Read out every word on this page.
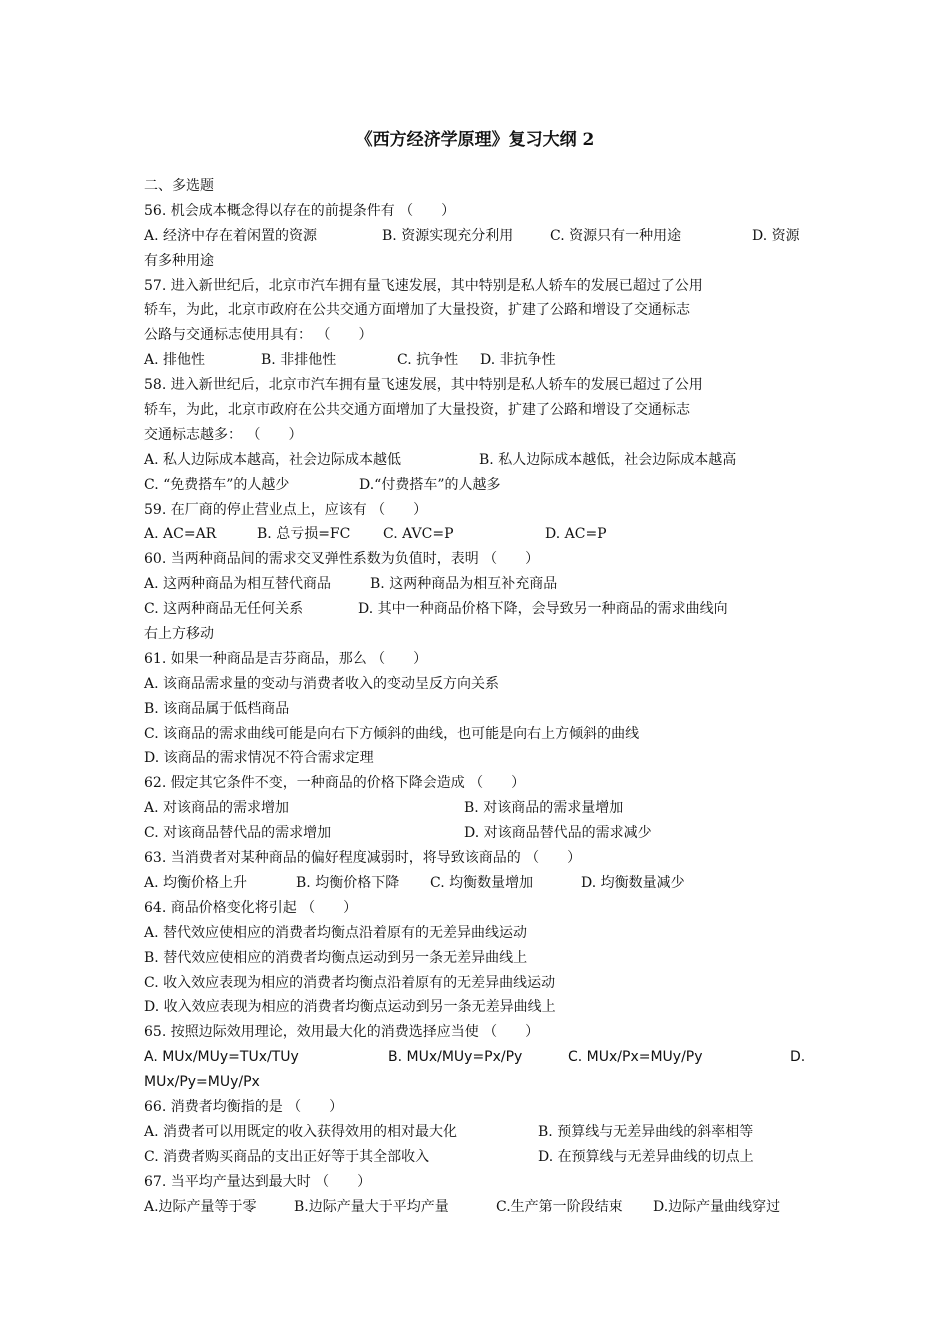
《西方经济学原理》复习大纲 2
二、多选题
56. 机会成本概念得以存在的前提条件有 （　　）
A. 经济中存在着闲置的资源	B. 资源实现充分利用	C. 资源只有一种用途	D. 资源
有多种用途
57. 进入新世纪后，北京市汽车拥有量飞速发展，其中特别是私人轿车的发展已超过了公用
轿车，为此，北京市政府在公共交通方面增加了大量投资，扩建了公路和增设了交通标志
公路与交通标志使用具有： （　　）
A. 排他性	B. 非排他性	C. 抗争性	D. 非抗争性
58. 进入新世纪后，北京市汽车拥有量飞速发展，其中特别是私人轿车的发展已超过了公用
轿车，为此，北京市政府在公共交通方面增加了大量投资，扩建了公路和增设了交通标志
交通标志越多： （　　）
A. 私人边际成本越高，社会边际成本越低	B. 私人边际成本越低，社会边际成本越高
C. “免费搭车”的人越少	D.“付费搭车”的人越多
59. 在厂商的停止营业点上，应该有 （　　）
A. AC=AR	B. 总亏损=FC	C. AVC=P	D. AC=P
60. 当两种商品间的需求交叉弹性系数为负值时，表明 （　　）
A. 这两种商品为相互替代商品	B. 这两种商品为相互补充商品
C. 这两种商品无任何关系	D. 其中一种商品价格下降，会导致另一种商品的需求曲线向
右上方移动
61. 如果一种商品是吉芬商品，那么 （　　）
A. 该商品需求量的变动与消费者收入的变动呈反方向关系
B. 该商品属于低档商品
C. 该商品的需求曲线可能是向右下方倾斜的曲线，也可能是向右上方倾斜的曲线
D. 该商品的需求情况不符合需求定理
62. 假定其它条件不变，一种商品的价格下降会造成 （　　）
A. 对该商品的需求增加	B. 对该商品的需求量增加
C. 对该商品替代品的需求增加	D. 对该商品替代品的需求减少
63. 当消费者对某种商品的偏好程度减弱时，将导致该商品的 （　　）
A. 均衡价格上升	B. 均衡价格下降	C. 均衡数量增加	D. 均衡数量减少
64. 商品价格变化将引起 （　　）
A. 替代效应使相应的消费者均衡点沿着原有的无差异曲线运动
B. 替代效应使相应的消费者均衡点运动到另一条无差异曲线上
C. 收入效应表现为相应的消费者均衡点沿着原有的无差异曲线运动
D. 收入效应表现为相应的消费者均衡点运动到另一条无差异曲线上
65. 按照边际效用理论，效用最大化的消费选择应当使 （　　）
A. MUx/MUy=TUx/TUy	B. MUx/MUy=Px/Py	C. MUx/Px=MUy/Py	D.
MUx/Py=MUy/Px
66. 消费者均衡指的是 （　　）
A. 消费者可以用既定的收入获得效用的相对最大化	B. 预算线与无差异曲线的斜率相等
C. 消费者购买商品的支出正好等于其全部收入	D. 在预算线与无差异曲线的切点上
67. 当平均产量达到最大时 （　　）
A.边际产量等于零	B.边际产量大于平均产量	C.生产第一阶段结束	D.边际产量曲线穿过
